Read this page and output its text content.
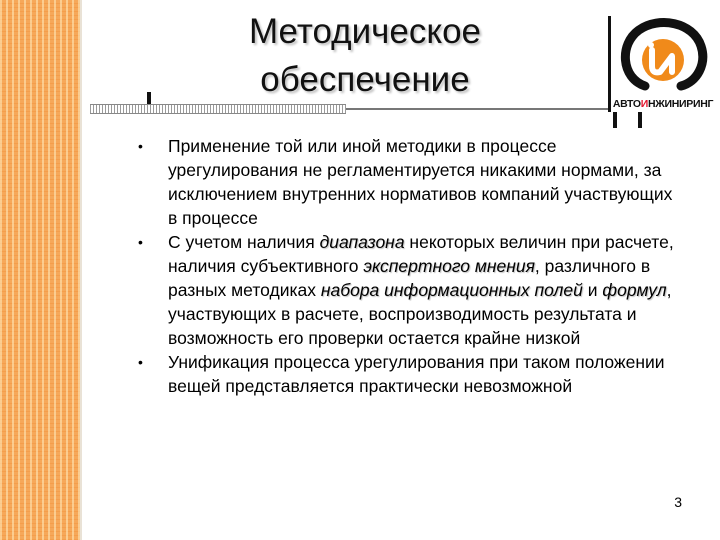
Методическое
обеспечение
АВТОИНЖИНИРИНГ
•	Применение той или иной методики в процессе урегулирования не регламентируется никакими нормами, за исключением внутренних нормативов компаний участвующих в процессе
•	С учетом наличия диапазона некоторых величин при расчете, наличия субъективного экспертного мнения, различного в разных методиках набора информационных полей и формул, участвующих в расчете, воспроизводимость результата и возможность его проверки остается крайне низкой
•	Унификация процесса урегулирования при таком положении вещей представляется практически невозможной
3
